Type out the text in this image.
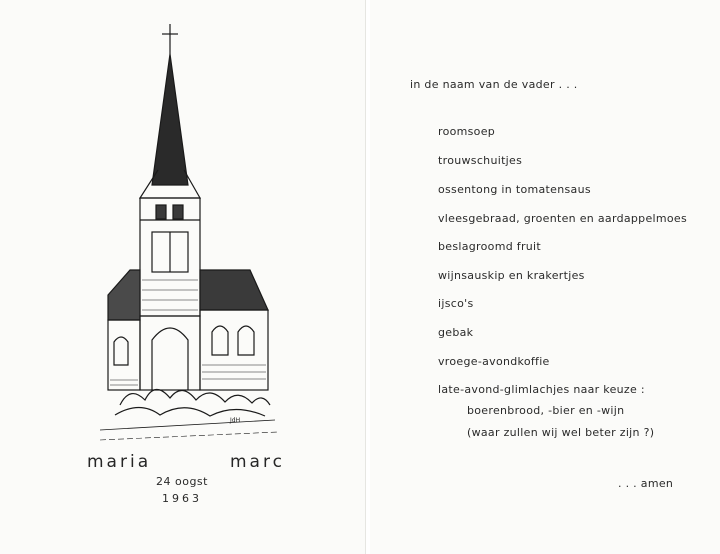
JdH
maria	marc
24 oogst
1963
in de naam van de vader . . .
roomsoep
trouwschuitjes
ossentong in tomatensaus
vleesgebraad, groenten en aardappelmoes
beslagroomd fruit
wijnsauskip en krakertjes
ijsco's
gebak
vroege-avondkoffie
late-avond-glimlachjes naar keuze :
boerenbrood, -bier en -wijn
(waar zullen wij wel beter zijn ?)
. . . amen
